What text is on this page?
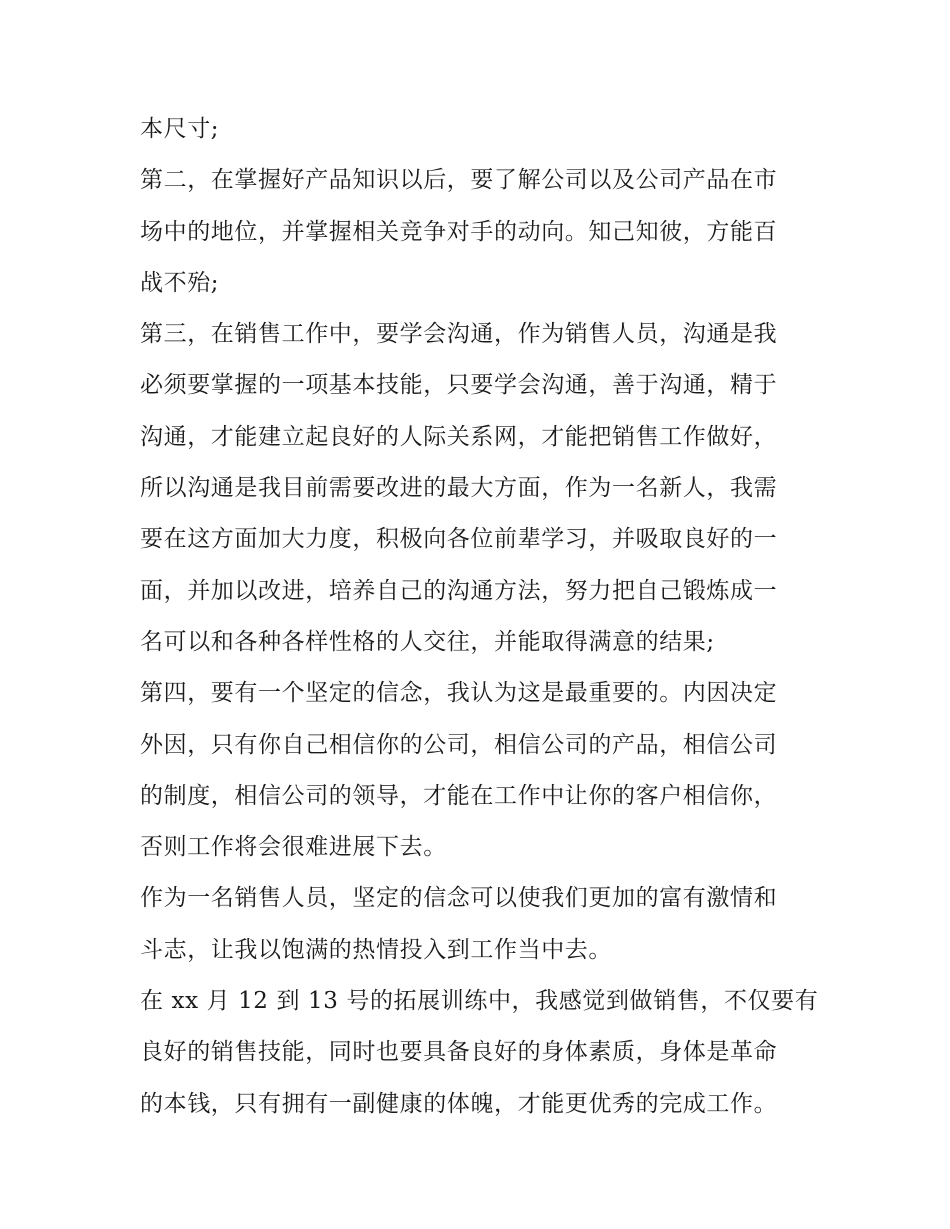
本尺寸;
第二，在掌握好产品知识以后，要了解公司以及公司产品在市
场中的地位，并掌握相关竞争对手的动向。知己知彼，方能百
战不殆;
第三，在销售工作中，要学会沟通，作为销售人员，沟通是我
必须要掌握的一项基本技能，只要学会沟通，善于沟通，精于
沟通，才能建立起良好的人际关系网，才能把销售工作做好，
所以沟通是我目前需要改进的最大方面，作为一名新人，我需
要在这方面加大力度，积极向各位前辈学习，并吸取良好的一
面，并加以改进，培养自己的沟通方法，努力把自己锻炼成一
名可以和各种各样性格的人交往，并能取得满意的结果;
第四，要有一个坚定的信念，我认为这是最重要的。内因决定
外因，只有你自己相信你的公司，相信公司的产品，相信公司
的制度，相信公司的领导，才能在工作中让你的客户相信你，
否则工作将会很难进展下去。
作为一名销售人员，坚定的信念可以使我们更加的富有激情和
斗志，让我以饱满的热情投入到工作当中去。
在 xx 月 12 到 13 号的拓展训练中，我感觉到做销售，不仅要有
良好的销售技能，同时也要具备良好的身体素质，身体是革命
的本钱，只有拥有一副健康的体魄，才能更优秀的完成工作。
